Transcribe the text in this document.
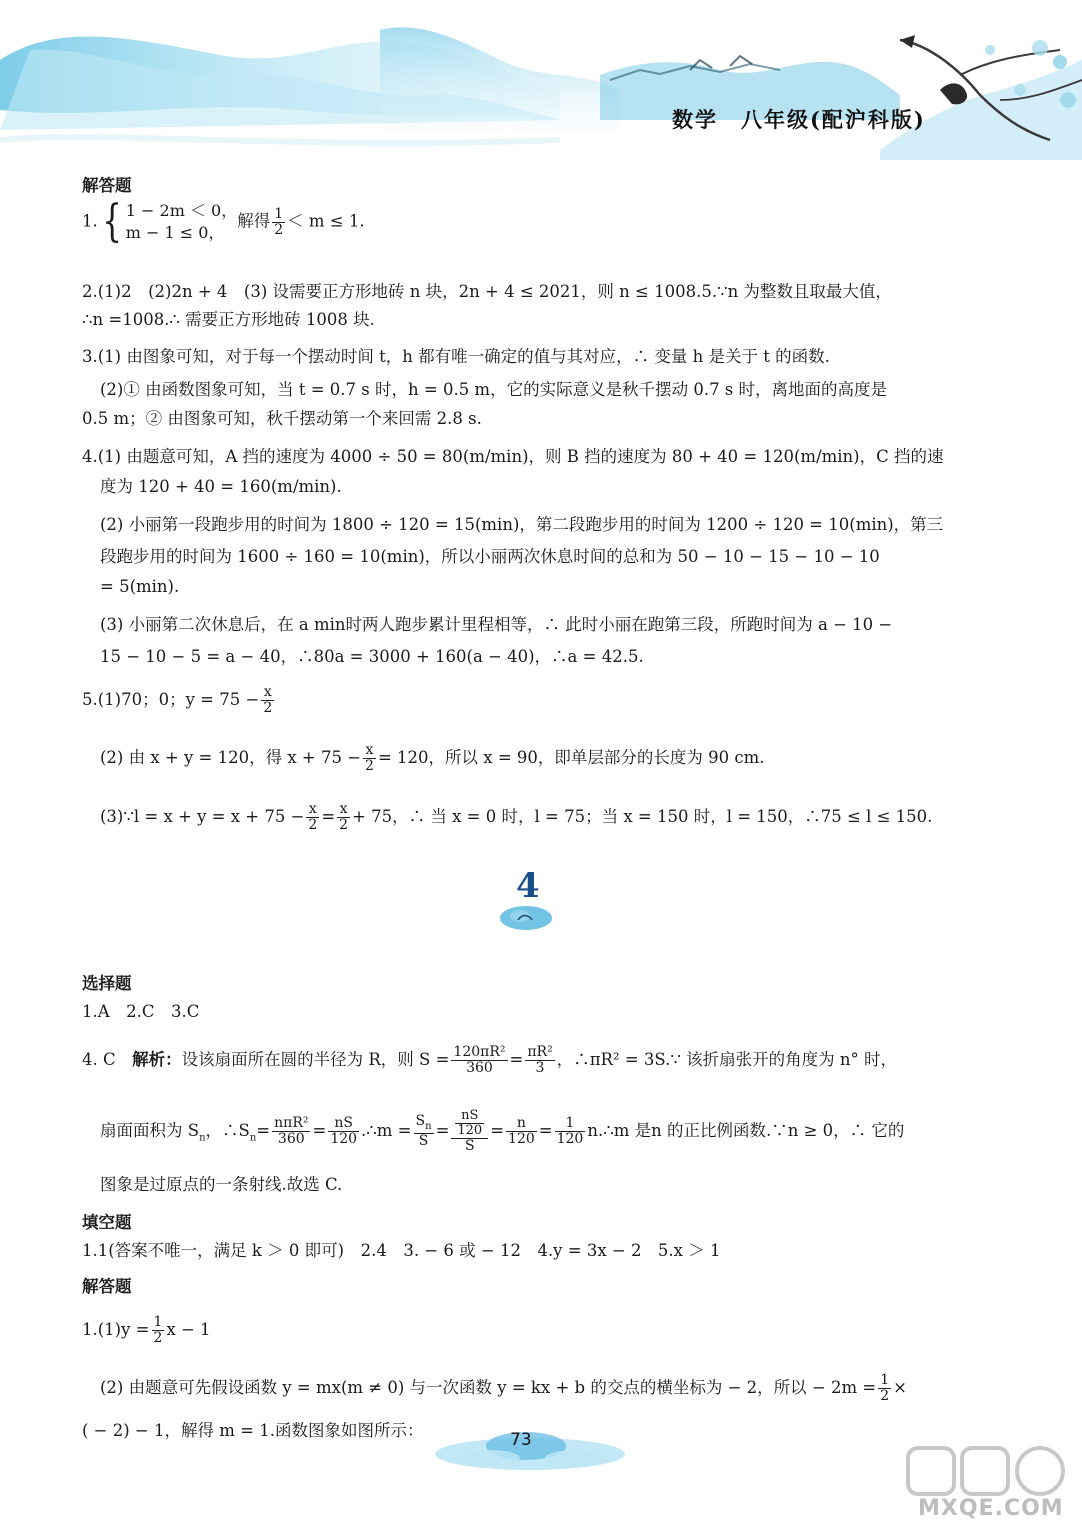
数学　八年级(配沪科版)
解答题
1.{ 1 − 2m ＜ 0，
m − 1 ≤ 0，
解得 $\frac{1}{2} < m \le 1$.
2.(1)2　(2)2n + 4　(3) 设需要正方形地砖 n 块，2n + 4 ≤ 2021，则 n ≤ 1008.5.∵n 为整数且取最大值，
∴n =1008.∴ 需要正方形地砖 1008 块.
3.(1) 由图象可知，对于每一个摆动时间 t，h 都有唯一确定的值与其对应，∴ 变量 h 是关于 t 的函数.
(2)① 由函数图象可知，当 t = 0.7 s 时，h = 0.5 m，它的实际意义是秋千摆动 0.7 s 时，离地面的高度是
0.5 m；② 由图象可知，秋千摆动第一个来回需 2.8 s.
4.(1) 由题意可知，A 挡的速度为 4000 ÷ 50 = 80(m/min)，则 B 挡的速度为 80 + 40 = 120(m/min)，C 挡的速
度为 120 + 40 = 160(m/min).
(2) 小丽第一段跑步用的时间为 1800 ÷ 120 = 15(min)，第二段跑步用的时间为 1200 ÷ 120 = 10(min)，第三
段跑步用的时间为 1600 ÷ 160 = 10(min)，所以小丽两次休息时间的总和为 50 − 10 − 15 − 10 − 10
= 5(min).
(3) 小丽第二次休息后，在 a min时两人跑步累计里程相等，∴ 此时小丽在跑第三段，所跑时间为 a − 10 −
15 − 10 − 5 = a − 40，∴80a = 3000 + 160(a − 40)，∴a = 42.5.
5.(1)70；0；$y = 75 - \frac{x}{2}$
(2) 由 x + y = 120，得 $x + 75 - \frac{x}{2} = 120$，所以 x = 90，即单层部分的长度为 90 cm.
(3)∵l = $x + y = x + 75 - \frac{x}{2} = \frac{x}{2} + 75$，∴ 当 x = 0 时，l = 75；当 x = 150 时，l = 150，∴75 ≤ l ≤ 150.
4
选择题
1.A　2.C　3.C
4. C　解析：设该扇面所在圆的半径为 R，则 $S = \frac{\text{120πR²}}{360} = \frac{\text{πR²}}{3}$ ，∴πR² = 3S.∵ 该折扇张开的角度为 n° 时，
扇面面积为 $S_n$，$\therefore S_n= \frac{\text{nπR²}}{360} = \frac{nS}{120}$ .∴m = $\frac{S_n}{S} = \frac{\frac{nS}{120}}{S} = \frac{n}{120} = \frac{1}{120}$ n.∴m 是n 的正比例函数.∵n ≥ 0，∴ 它的
图象是过原点的一条射线.故选 C.
填空题
1.1(答案不唯一，满足 k ＞ 0 即可)　2.4　3. − 6 或 − 12　4.y = 3x − 2　5.x ＞ 1
解答题
$1.(1)y = \frac{1}{2}$ x − 1
(2) 由题意可先假设函数 y = mx(m ≠ 0) 与一次函数 y = kx + b 的交点的横坐标为 − 2，所以 − $2m = \frac{1}{2}$ ×
( − 2) − 1，解得 m = 1.函数图象如图所示：	73
MXQE.COM
